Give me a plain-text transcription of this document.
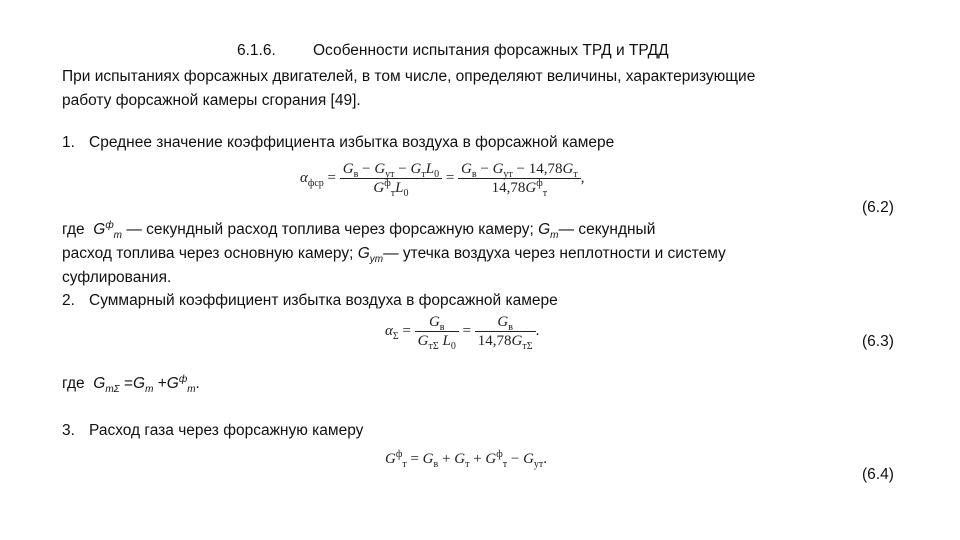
6.1.6. Особенности испытания форсажных ТРД и ТРДД
При испытаниях форсажных двигателей, в том числе, определяют величины, характеризующие
работу форсажной камеры сгорания [49].
1. Среднее значение коэффициента избытка воздуха в форсажной камере
$\alpha_{фср} = \frac{G_в - G_{ут} - G_тL_0}{G^ф_тL_0} = \frac{G_в - G_{ут} - 14,78G_т}{14,78G^ф_т}$ ,
(6.2)
где $G^ф_т$ — секундный расход топлива через форсажную камеру; $G_т—$ секундный
расход топлива через основную камеру; $G_{ут}—$ утечка воздуха через неплотности и систему
суфлирования.
2. Суммарный коэффициент избытка воздуха в форсажной камере
$\alpha_\Sigma = \frac{G_в}{G_{т\Sigma} L_0} = \frac{G_в}{14,78G_{т\Sigma}}$ .
(6.3)
где $G_{т\Sigma} =G_т +G^ф_т$.
3. Расход газа через форсажную камеру
$G^ф_т = G_в + G_т + G^ф_т - G_{ут}$.
(6.4)
